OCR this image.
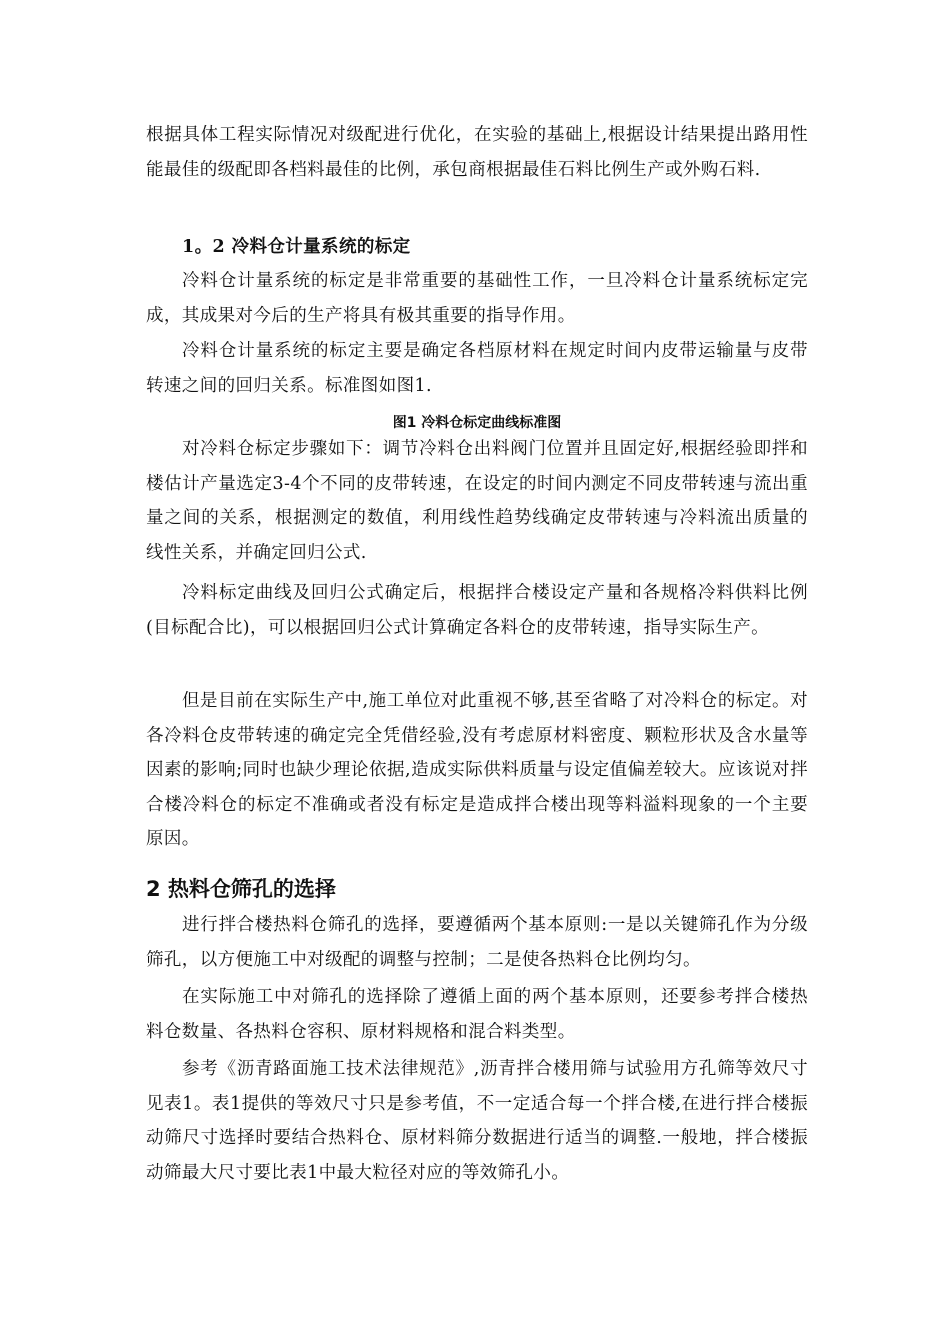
根据具体工程实际情况对级配进行优化，在实验的基础上,根据设计结果提出路用性能最佳的级配即各档料最佳的比例，承包商根据最佳石料比例生产或外购石料.

1。2 冷料仓计量系统的标定

冷料仓计量系统的标定是非常重要的基础性工作，一旦冷料仓计量系统标定完成，其成果对今后的生产将具有极其重要的指导作用。

冷料仓计量系统的标定主要是确定各档原材料在规定时间内皮带运输量与皮带转速之间的回归关系。标准图如图1.

图1 冷料仓标定曲线标准图

对冷料仓标定步骤如下：调节冷料仓出料阀门位置并且固定好,根据经验即拌和楼估计产量选定3-4个不同的皮带转速，在设定的时间内测定不同皮带转速与流出重量之间的关系，根据测定的数值，利用线性趋势线确定皮带转速与冷料流出质量的线性关系，并确定回归公式.

冷料标定曲线及回归公式确定后，根据拌合楼设定产量和各规格冷料供料比例(目标配合比)，可以根据回归公式计算确定各料仓的皮带转速，指导实际生产。

但是目前在实际生产中,施工单位对此重视不够,甚至省略了对冷料仓的标定。对各冷料仓皮带转速的确定完全凭借经验,没有考虑原材料密度、颗粒形状及含水量等因素的影响;同时也缺少理论依据,造成实际供料质量与设定值偏差较大。应该说对拌合楼冷料仓的标定不准确或者没有标定是造成拌合楼出现等料溢料现象的一个主要原因。

2 热料仓筛孔的选择

进行拌合楼热料仓筛孔的选择，要遵循两个基本原则:一是以关键筛孔作为分级筛孔，以方便施工中对级配的调整与控制；二是使各热料仓比例均匀。

在实际施工中对筛孔的选择除了遵循上面的两个基本原则，还要参考拌合楼热料仓数量、各热料仓容积、原材料规格和混合料类型。

参考《沥青路面施工技术法律规范》,沥青拌合楼用筛与试验用方孔筛等效尺寸见表1。表1提供的等效尺寸只是参考值，不一定适合每一个拌合楼,在进行拌合楼振动筛尺寸选择时要结合热料仓、原材料筛分数据进行适当的调整.一般地，拌合楼振动筛最大尺寸要比表1中最大粒径对应的等效筛孔小。
